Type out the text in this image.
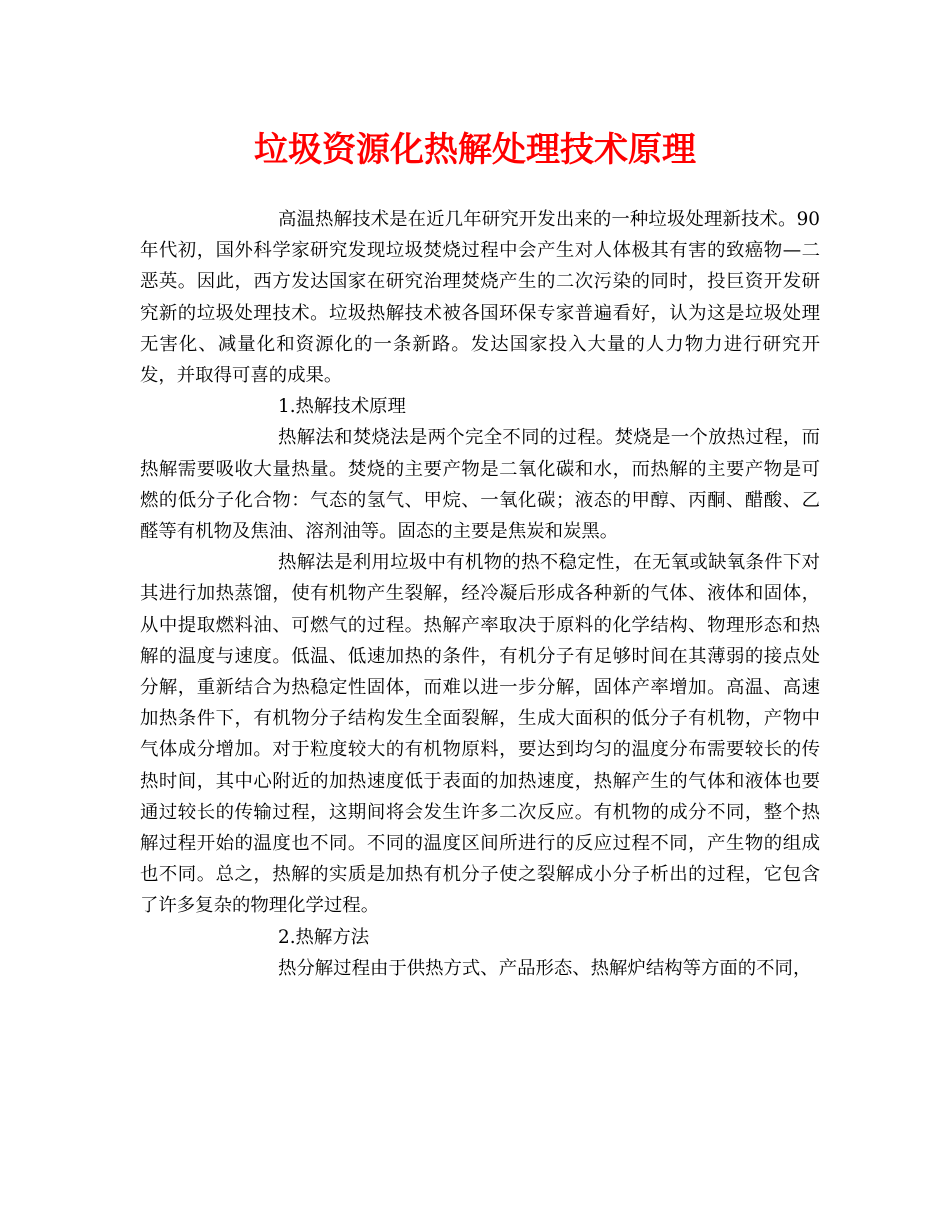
垃圾资源化热解处理技术原理

高温热解技术是在近几年研究开发出来的一种垃圾处理新技术。90年代初，国外科学家研究发现垃圾焚烧过程中会产生对人体极其有害的致癌物—二恶英。因此，西方发达国家在研究治理焚烧产生的二次污染的同时，投巨资开发研究新的垃圾处理技术。垃圾热解技术被各国环保专家普遍看好，认为这是垃圾处理无害化、减量化和资源化的一条新路。发达国家投入大量的人力物力进行研究开发，并取得可喜的成果。

1.热解技术原理

热解法和焚烧法是两个完全不同的过程。焚烧是一个放热过程，而热解需要吸收大量热量。焚烧的主要产物是二氧化碳和水，而热解的主要产物是可燃的低分子化合物：气态的氢气、甲烷、一氧化碳；液态的甲醇、丙酮、醋酸、乙醛等有机物及焦油、溶剂油等。固态的主要是焦炭和炭黑。

热解法是利用垃圾中有机物的热不稳定性，在无氧或缺氧条件下对其进行加热蒸馏，使有机物产生裂解，经冷凝后形成各种新的气体、液体和固体，从中提取燃料油、可燃气的过程。热解产率取决于原料的化学结构、物理形态和热解的温度与速度。低温、低速加热的条件，有机分子有足够时间在其薄弱的接点处分解，重新结合为热稳定性固体，而难以进一步分解，固体产率增加。高温、高速加热条件下，有机物分子结构发生全面裂解，生成大面积的低分子有机物，产物中气体成分增加。对于粒度较大的有机物原料，要达到均匀的温度分布需要较长的传热时间，其中心附近的加热速度低于表面的加热速度，热解产生的气体和液体也要通过较长的传输过程，这期间将会发生许多二次反应。有机物的成分不同，整个热解过程开始的温度也不同。不同的温度区间所进行的反应过程不同，产生物的组成也不同。总之，热解的实质是加热有机分子使之裂解成小分子析出的过程，它包含了许多复杂的物理化学过程。

2.热解方法

热分解过程由于供热方式、产品形态、热解炉结构等方面的不同，
